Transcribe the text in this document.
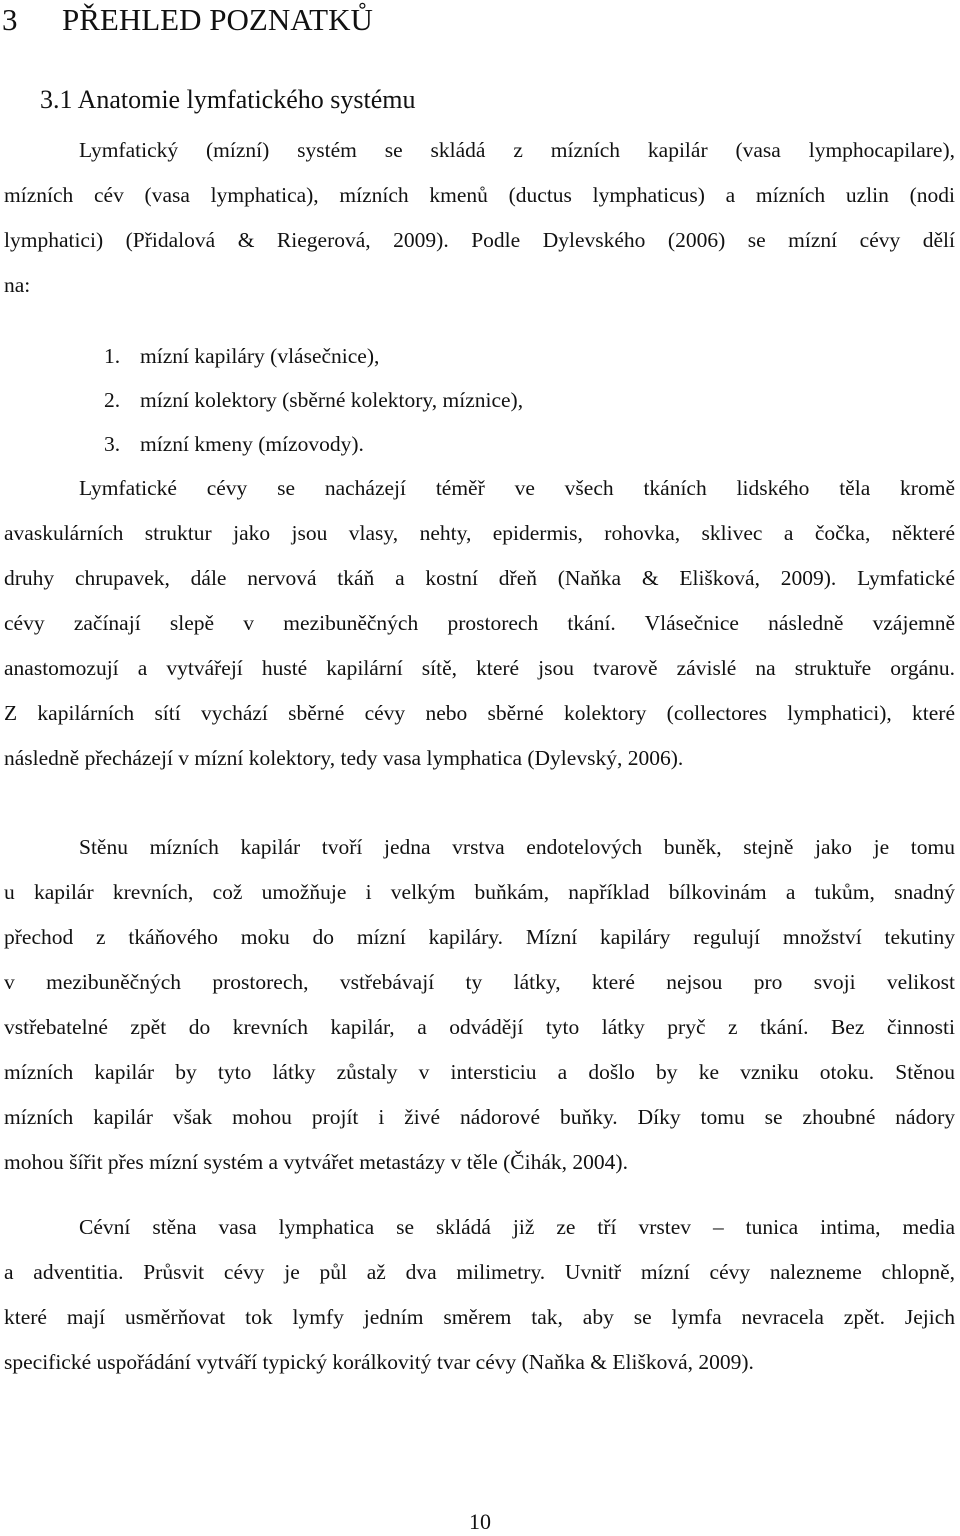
3 PŘEHLED POZNATKŮ
3.1 Anatomie lymfatického systému

Lymfatický (mízní) systém se skládá z mízních kapilár (vasa lymphocapilare),
mízních cév (vasa lymphatica), mízních kmenů (ductus lymphaticus) a mízních uzlin (nodi
lymphatici) (Přidalová & Riegerová, 2009). Podle Dylevského (2006) se mízní cévy dělí
na:

1. mízní kapiláry (vlásečnice),
2. mízní kolektory (sběrné kolektory, míznice),
3. mízní kmeny (mízovody).

Lymfatické cévy se nacházejí téměř ve všech tkáních lidského těla kromě
avaskulárních struktur jako jsou vlasy, nehty, epidermis, rohovka, sklivec a čočka, některé
druhy chrupavek, dále nervová tkáň a kostní dřeň (Naňka & Elišková, 2009). Lymfatické
cévy začínají slepě v mezibuněčných prostorech tkání. Vlásečnice následně vzájemně
anastomozují a vytvářejí husté kapilární sítě, které jsou tvarově závislé na struktuře orgánu.
Z kapilárních sítí vychází sběrné cévy nebo sběrné kolektory (collectores lymphatici), které
následně přecházejí v mízní kolektory, tedy vasa lymphatica (Dylevský, 2006).

Stěnu mízních kapilár tvoří jedna vrstva endotelových buněk, stejně jako je tomu
u kapilár krevních, což umožňuje i velkým buňkám, například bílkovinám a tukům, snadný
přechod z tkáňového moku do mízní kapiláry. Mízní kapiláry regulují množství tekutiny
v mezibuněčných prostorech, vstřebávají ty látky, které nejsou pro svoji velikost
vstřebatelné zpět do krevních kapilár, a odvádějí tyto látky pryč z tkání. Bez činnosti
mízních kapilár by tyto látky zůstaly v intersticiu a došlo by ke vzniku otoku. Stěnou
mízních kapilár však mohou projít i živé nádorové buňky. Díky tomu se zhoubné nádory
mohou šířit přes mízní systém a vytvářet metastázy v těle (Čihák, 2004).

Cévní stěna vasa lymphatica se skládá již ze tří vrstev – tunica intima, media
a adventitia. Průsvit cévy je půl až dva milimetry. Uvnitř mízní cévy nalezneme chlopně,
které mají usměrňovat tok lymfy jedním směrem tak, aby se lymfa nevracela zpět. Jejich
specifické uspořádání vytváří typický korálkovitý tvar cévy (Naňka & Elišková, 2009).

10
